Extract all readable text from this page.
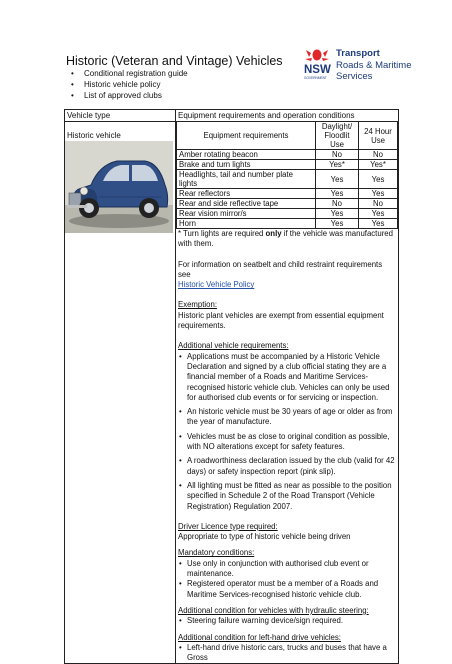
Historic (Veteran and Vintage) Vehicles
• Conditional registration guide
• Historic vehicle policy
• List of approved clubs
NSW
GOVERNMENT
Transport
Roads & Maritime
Services
Vehicle type	Equipment requirements and operation conditions

Historic vehicle
		Equipment requirements	Daylight/ Floodlit Use	24 Hour Use
Amber rotating beacon	No	No
Brake and turn lights	Yes*	Yes*
Headlights, tail and number plate lights	Yes	Yes
Rear reflectors	Yes	Yes
Rear and side reflective tape	No	No
Rear vision mirror/s	Yes	Yes
Horn	Yes	Yes

* Turn lights are required only if the vehicle was manufactured with them.

For information on seatbelt and child restraint requirements see

Historic Vehicle Policy

Exemption:

Historic plant vehicles are exempt from essential equipment requirements.

Additional vehicle requirements:

• Applications must be accompanied by a Historic Vehicle Declaration and signed by a club official stating they are a financial member of a Roads and Maritime Services-recognised historic vehicle club. Vehicles can only be used for authorised club events or for servicing or inspection.
• An historic vehicle must be 30 years of age or older as from the year of manufacture.
• Vehicles must be as close to original condition as possible, with NO alterations except for safety features.
• A roadworthiness declaration issued by the club (valid for 42 days) or safety inspection report (pink slip).
• All lighting must be fitted as near as possible to the position specified in Schedule 2 of the Road Transport (Vehicle Registration) Regulation 2007.

Driver Licence type required:

Appropriate to type of historic vehicle being driven

Mandatory conditions:

• Use only in conjunction with authorised club event or maintenance.
• Registered operator must be a member of a Roads and Maritime Services-recognised historic vehicle club.

Additional condition for vehicles with hydraulic steering:

• Steering failure warning device/sign required.

Additional condition for left-hand drive vehicles:

• Left-hand drive historic cars, trucks and buses that have a Gross
